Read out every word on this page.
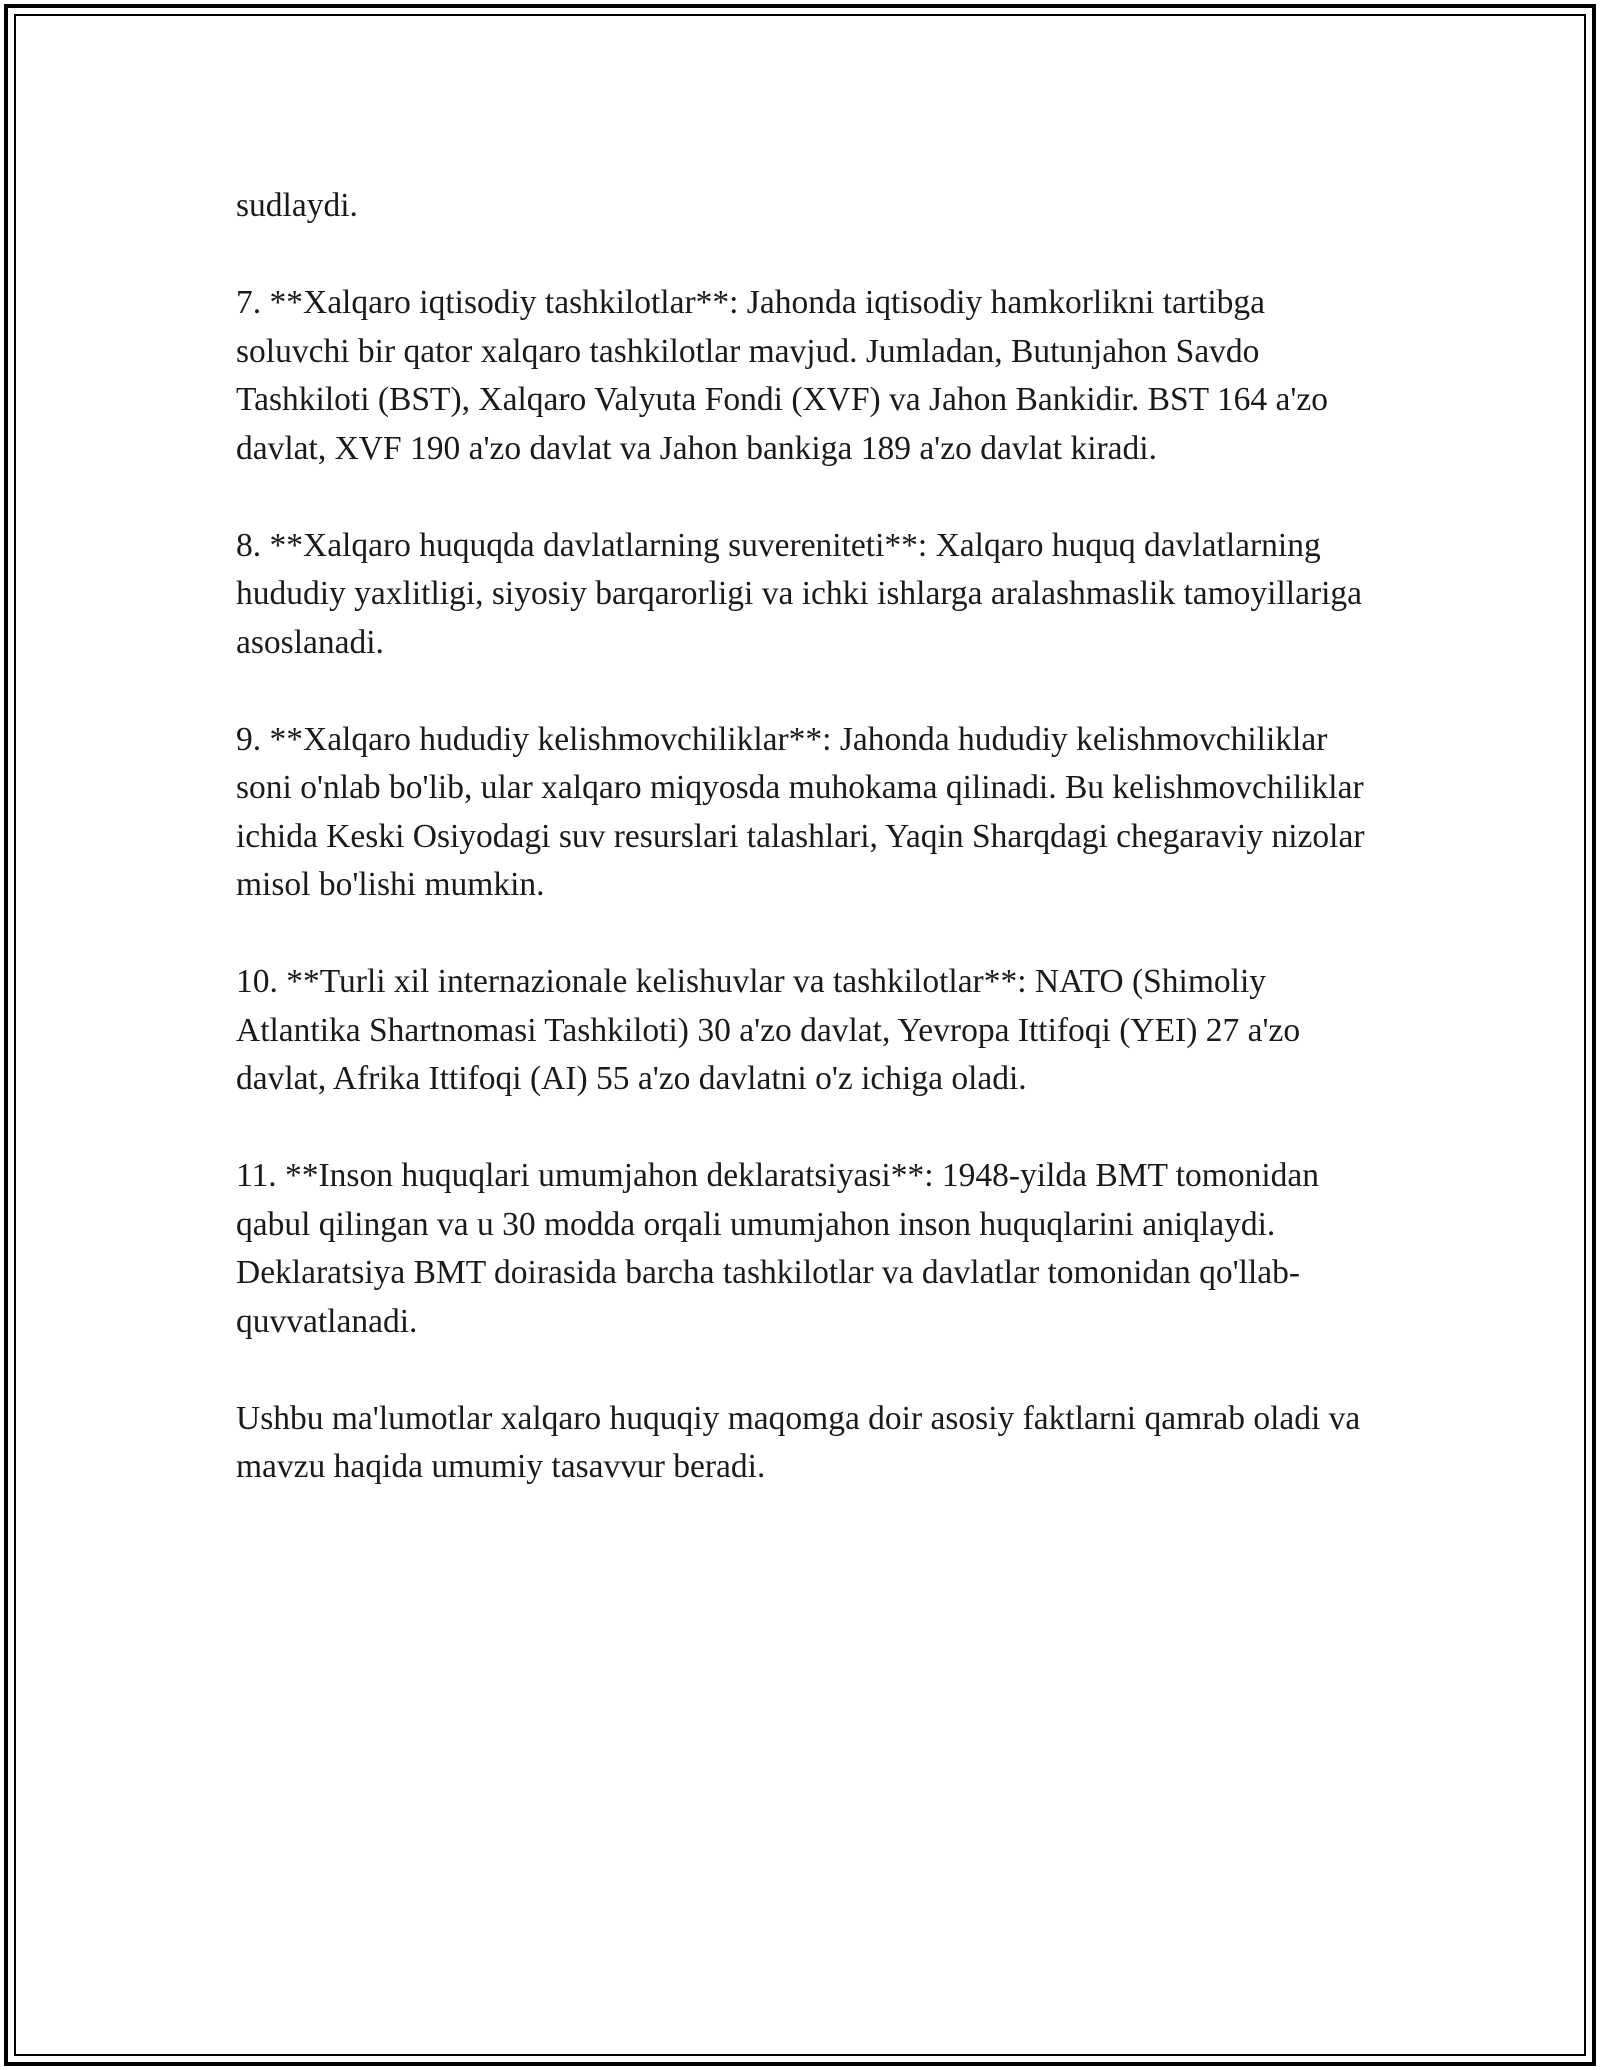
sudlaydi.

7. **Xalqaro iqtisodiy tashkilotlar**: Jahonda iqtisodiy hamkorlikni tartibga soluvchi bir qator xalqaro tashkilotlar mavjud. Jumladan, Butunjahon Savdo Tashkiloti (BST), Xalqaro Valyuta Fondi (XVF) va Jahon Bankidir. BST 164 a'zo davlat, XVF 190 a'zo davlat va Jahon bankiga 189 a'zo davlat kiradi.

8. **Xalqaro huquqda davlatlarning suvereniteti**: Xalqaro huquq davlatlarning hududiy yaxlitligi, siyosiy barqarorligi va ichki ishlarga aralashmaslik tamoyillariga asoslanadi.

9. **Xalqaro hududiy kelishmovchiliklar**: Jahonda hududiy kelishmovchiliklar soni o'nlab bo'lib, ular xalqaro miqyosda muhokama qilinadi. Bu kelishmovchiliklar ichida Keski Osiyodagi suv resurslari talashlari, Yaqin Sharqdagi chegaraviy nizolar misol bo'lishi mumkin.

10. **Turli xil internazionale kelishuvlar va tashkilotlar**: NATO (Shimoliy Atlantika Shartnomasi Tashkiloti) 30 a'zo davlat, Yevropa Ittifoqi (YEI) 27 a'zo davlat, Afrika Ittifoqi (AI) 55 a'zo davlatni o'z ichiga oladi.

11. **Inson huquqlari umumjahon deklaratsiyasi**: 1948-yilda BMT tomonidan qabul qilingan va u 30 modda orqali umumjahon inson huquqlarini aniqlaydi. Deklaratsiya BMT doirasida barcha tashkilotlar va davlatlar tomonidan qo'llab-quvvatlanadi.

Ushbu ma'lumotlar xalqaro huquqiy maqomga doir asosiy faktlarni qamrab oladi va mavzu haqida umumiy tasavvur beradi.
